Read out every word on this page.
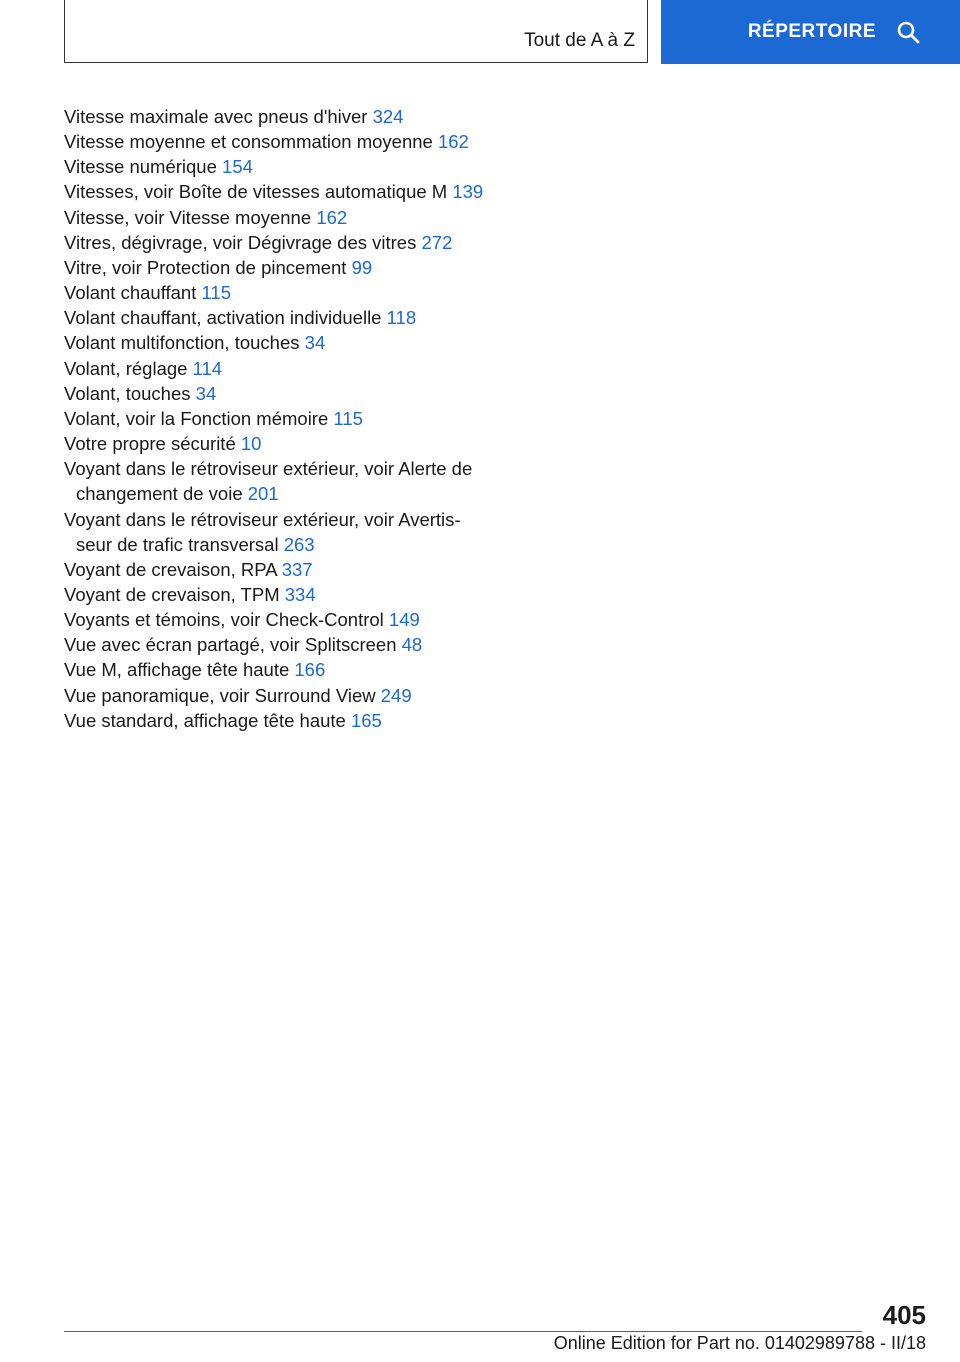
Tout de A à Z	RÉPERTOIRE
Vitesse maximale avec pneus d'hiver 324
Vitesse moyenne et consommation moyenne 162
Vitesse numérique 154
Vitesses, voir Boîte de vitesses automatique M 139
Vitesse, voir Vitesse moyenne 162
Vitres, dégivrage, voir Dégivrage des vitres 272
Vitre, voir Protection de pincement 99
Volant chauffant 115
Volant chauffant, activation individuelle 118
Volant multifonction, touches 34
Volant, réglage 114
Volant, touches 34
Volant, voir la Fonction mémoire 115
Votre propre sécurité 10
Voyant dans le rétroviseur extérieur, voir Alerte de changement de voie 201
Voyant dans le rétroviseur extérieur, voir Avertisseur de trafic transversal 263
Voyant de crevaison, RPA 337
Voyant de crevaison, TPM 334
Voyants et témoins, voir Check-Control 149
Vue avec écran partagé, voir Splitscreen 48
Vue M, affichage tête haute 166
Vue panoramique, voir Surround View 249
Vue standard, affichage tête haute 165
405
Online Edition for Part no. 01402989788 - II/18
